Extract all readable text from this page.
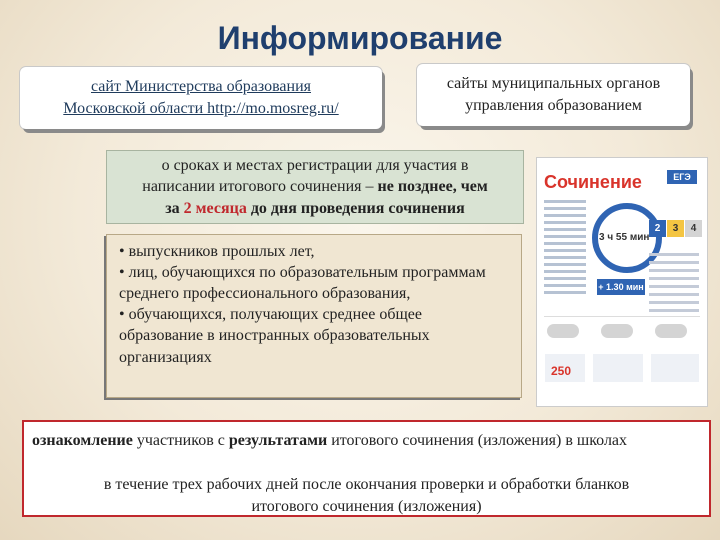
Информирование
сайт Министерства образования
Московской области http://mo.mosreg.ru/
сайты муниципальных органов
управления образованием
о сроках и местах регистрации для участия в
написании итогового сочинения – не позднее, чем
за 2 месяца до дня проведения сочинения
• выпускников прошлых лет,
• лиц, обучающихся по образовательным программам среднего профессионального образования,
• обучающихся, получающих среднее общее образование в иностранных образовательных организациях
Сочинение	ЕГЭ
3 ч 55 мин
+ 1.30 мин
2	3	4
250
ознакомление участников с результатами итогового сочинения (изложения) в школах
в течение трех рабочих дней после окончания проверки и обработки бланков
итогового сочинения (изложения)
